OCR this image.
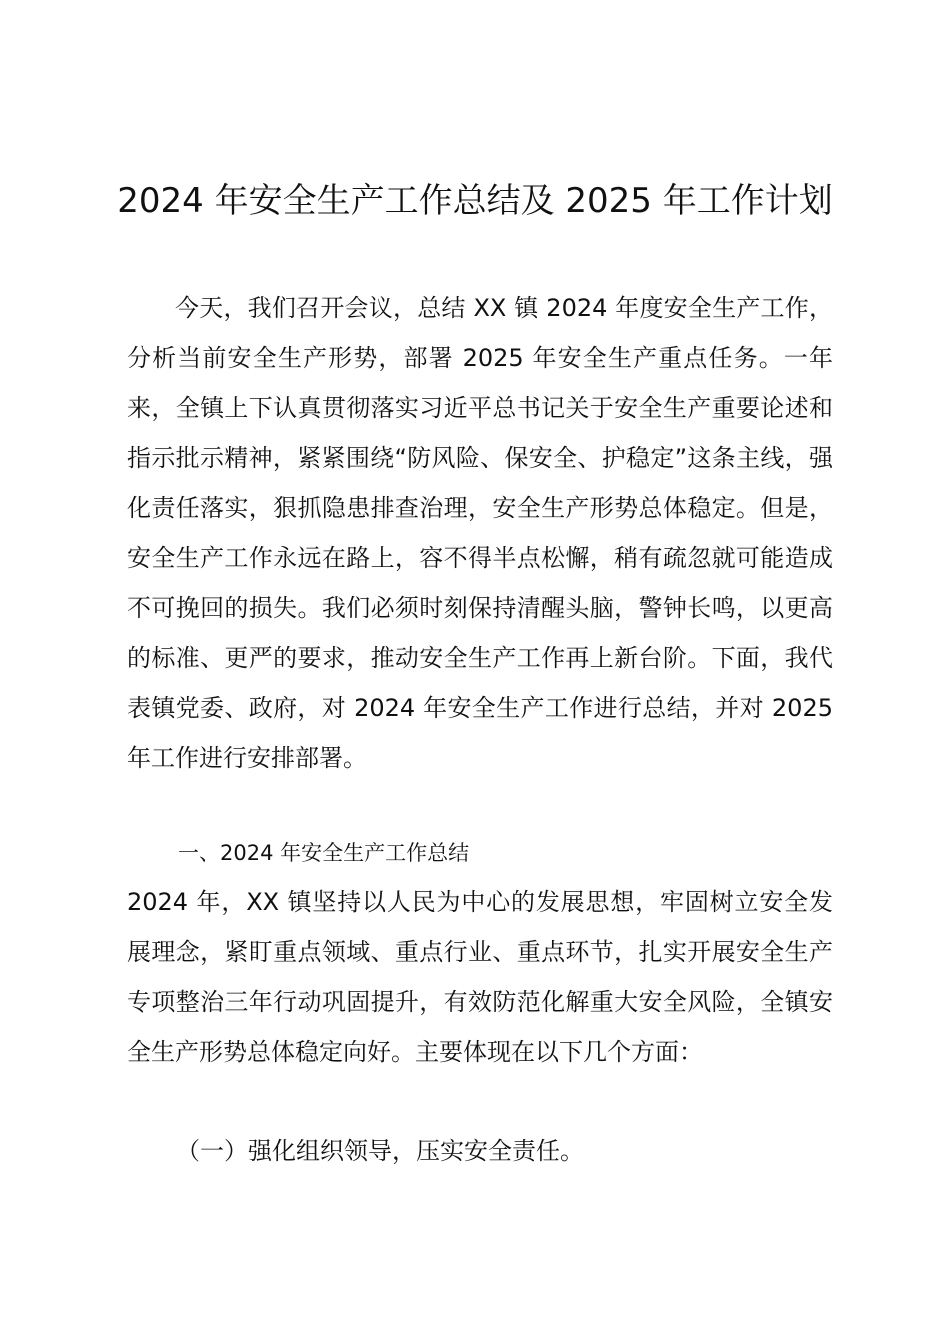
2024 年安全生产工作总结及 2025 年工作计划

今天，我们召开会议，总结 XX 镇 2024 年度安全生产工作，分析当前安全生产形势，部署 2025 年安全生产重点任务。一年来，全镇上下认真贯彻落实习近平总书记关于安全生产重要论述和指示批示精神，紧紧围绕“防风险、保安全、护稳定”这条主线，强化责任落实，狠抓隐患排查治理，安全生产形势总体稳定。但是，安全生产工作永远在路上，容不得半点松懈，稍有疏忽就可能造成不可挽回的损失。我们必须时刻保持清醒头脑，警钟长鸣，以更高的标准、更严的要求，推动安全生产工作再上新台阶。下面，我代表镇党委、政府，对 2024 年安全生产工作进行总结，并对 2025 年工作进行安排部署。

一、2024 年安全生产工作总结

2024 年，XX 镇坚持以人民为中心的发展思想，牢固树立安全发展理念，紧盯重点领域、重点行业、重点环节，扎实开展安全生产专项整治三年行动巩固提升，有效防范化解重大安全风险，全镇安全生产形势总体稳定向好。主要体现在以下几个方面：

（一）强化组织领导，压实安全责任。
